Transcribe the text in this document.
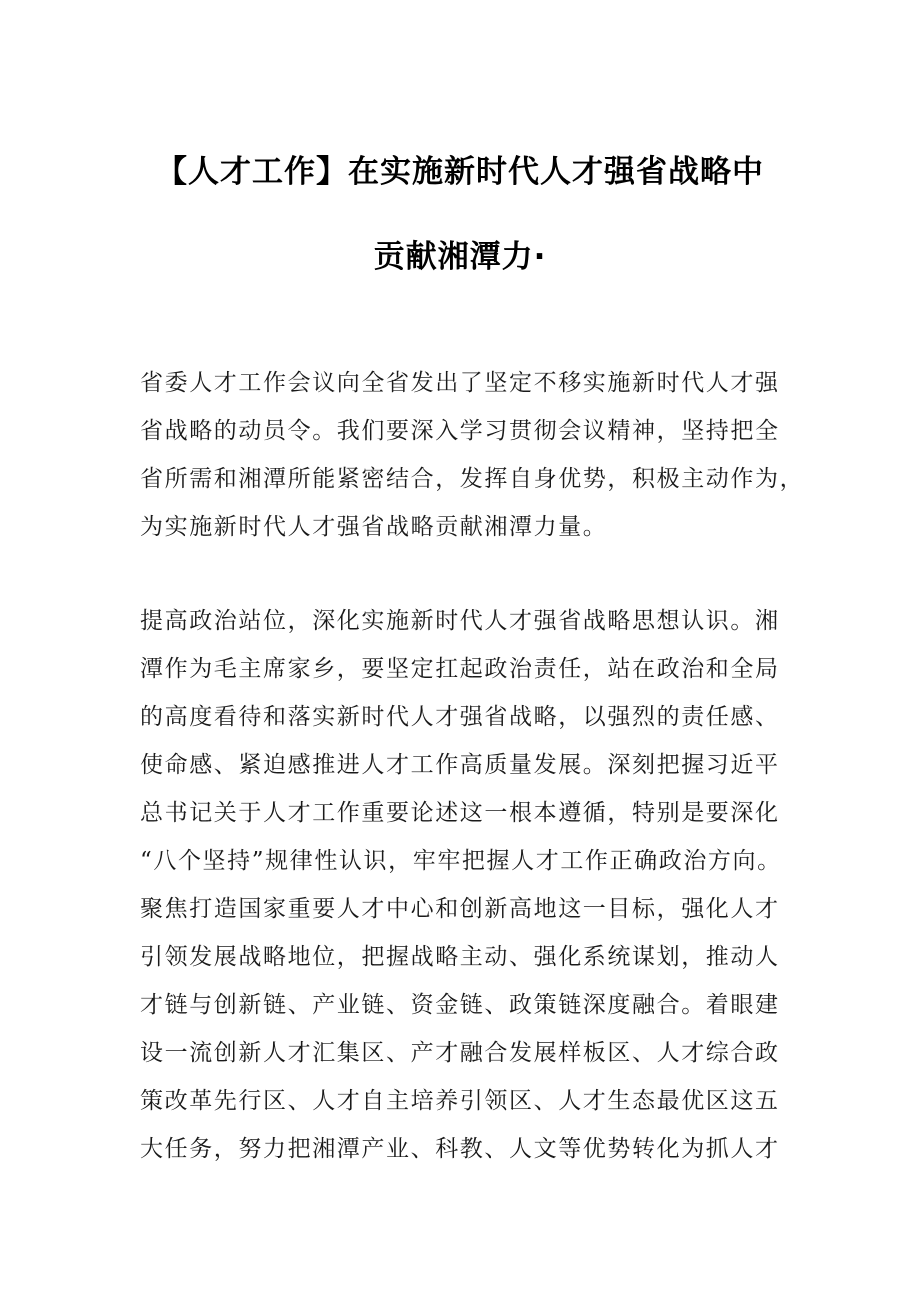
【人才工作】在实施新时代人才强省战略中
贡献湘潭力·
省委人才工作会议向全省发出了坚定不移实施新时代人才强
省战略的动员令。我们要深入学习贯彻会议精神，坚持把全
省所需和湘潭所能紧密结合，发挥自身优势，积极主动作为，
为实施新时代人才强省战略贡献湘潭力量。
提高政治站位，深化实施新时代人才强省战略思想认识。湘
潭作为毛主席家乡，要坚定扛起政治责任，站在政治和全局
的高度看待和落实新时代人才强省战略，以强烈的责任感、
使命感、紧迫感推进人才工作高质量发展。深刻把握习近平
总书记关于人才工作重要论述这一根本遵循，特别是要深化
“八个坚持”规律性认识，牢牢把握人才工作正确政治方向。
聚焦打造国家重要人才中心和创新高地这一目标，强化人才
引领发展战略地位，把握战略主动、强化系统谋划，推动人
才链与创新链、产业链、资金链、政策链深度融合。着眼建
设一流创新人才汇集区、产才融合发展样板区、人才综合政
策改革先行区、人才自主培养引领区、人才生态最优区这五
大任务，努力把湘潭产业、科教、人文等优势转化为抓人才
